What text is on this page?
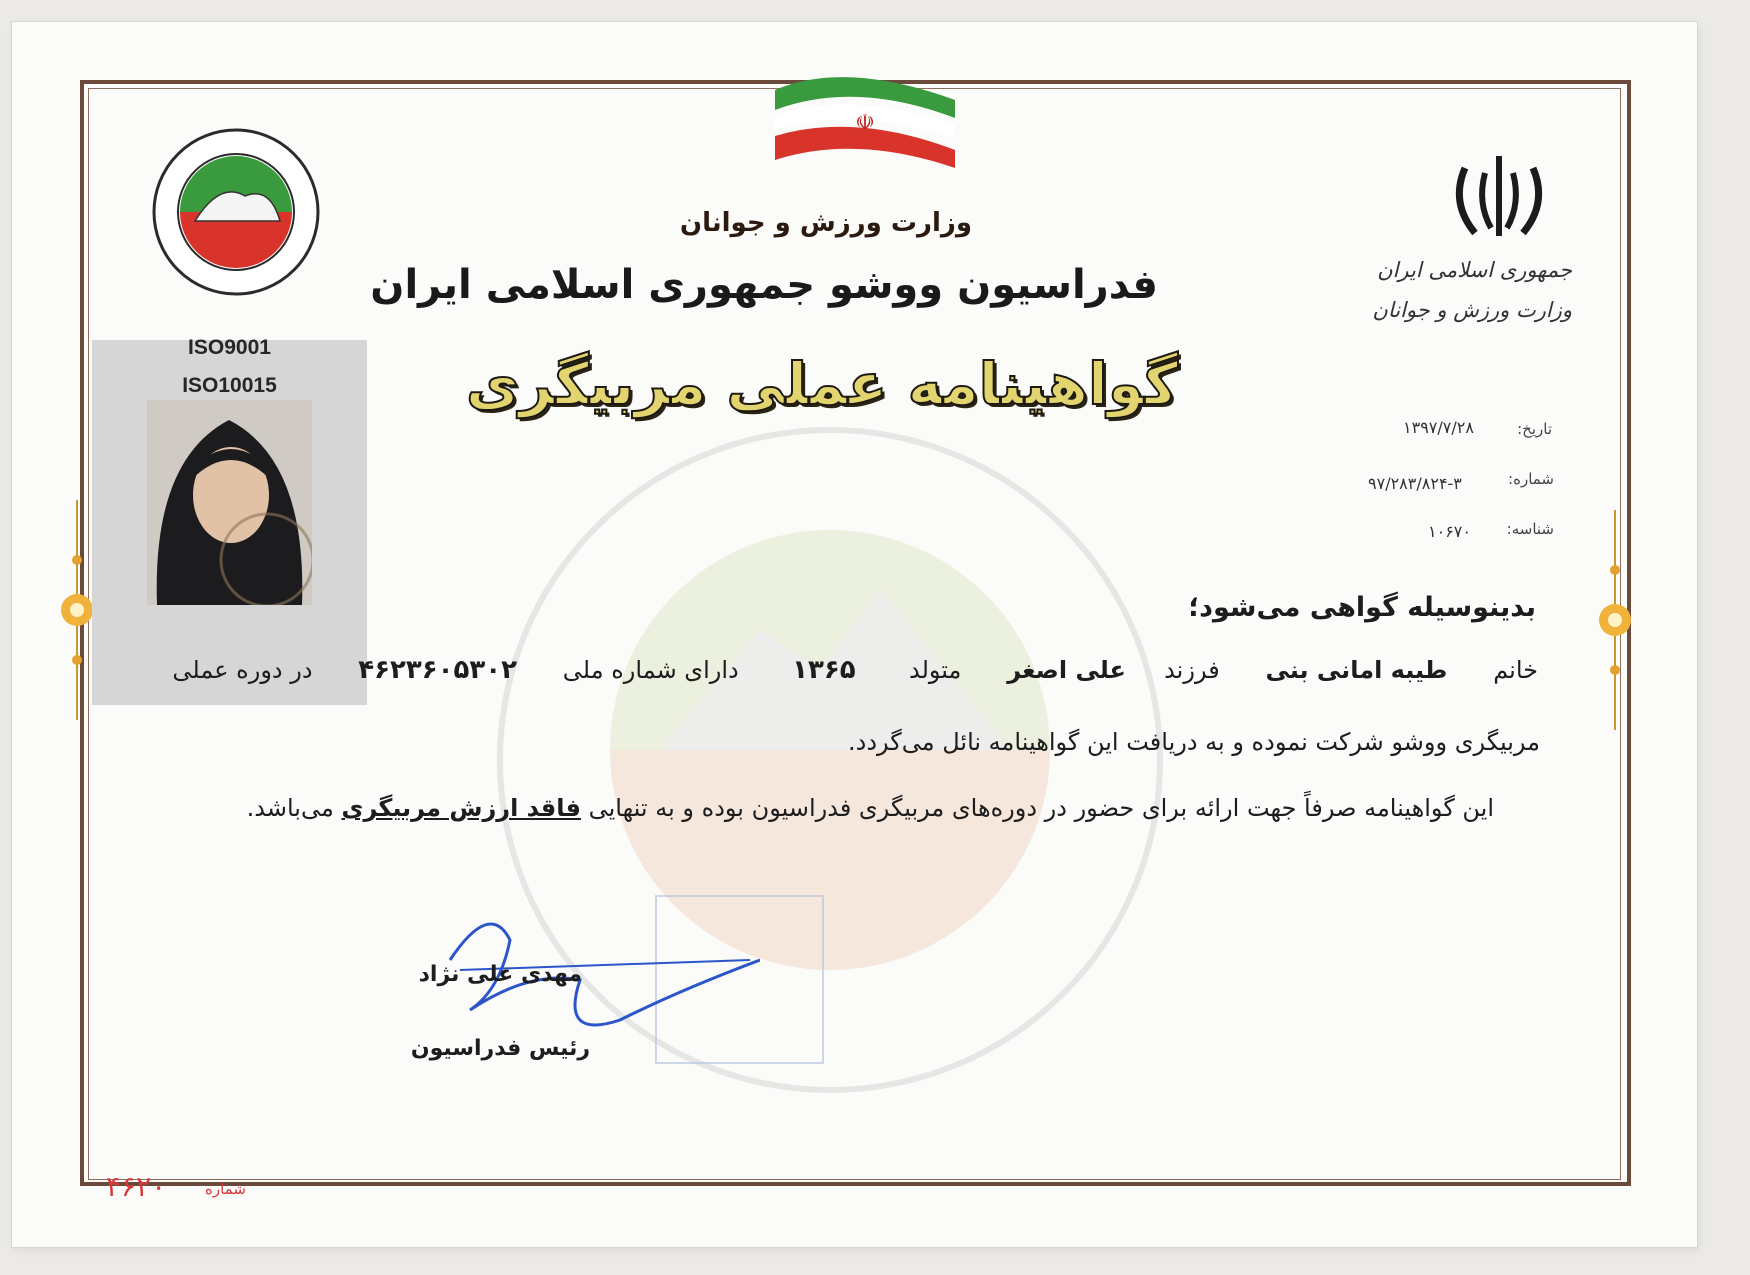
☫
وزارت ورزش و جوانان
فدراسیون ووشو جمهوری اسلامی ایران
گواهینامه عملی مربیگری
جمهوری اسلامی ایران
وزارت ورزش و جوانان
تاریخ:
۱۳۹۷/۷/۲۸
شماره:
۹۷/۲۸۳/۸۲۴-۳
شناسه:
۱۰۶۷۰
ISO9001
ISO10015
بدینوسیله گواهی می‌شود؛
خانم      طیبه امانی بنی      فرزند     علی اصغر      متولد       ۱۳۶۵       دارای شماره ملی      ۴۶۲۳۶۰۵۳۰۲      در دوره عملی
مربیگری ووشو شرکت نموده و به دریافت این گواهینامه نائل می‌گردد.
این گواهینامه صرفاً جهت ارائه برای حضور در دوره‌های مربیگری فدراسیون بوده و به تنهایی فاقد ارزش مربیگری می‌باشد.
مهدی علی نژاد
رئیس فدراسیون
شماره
۴۶۲۰
